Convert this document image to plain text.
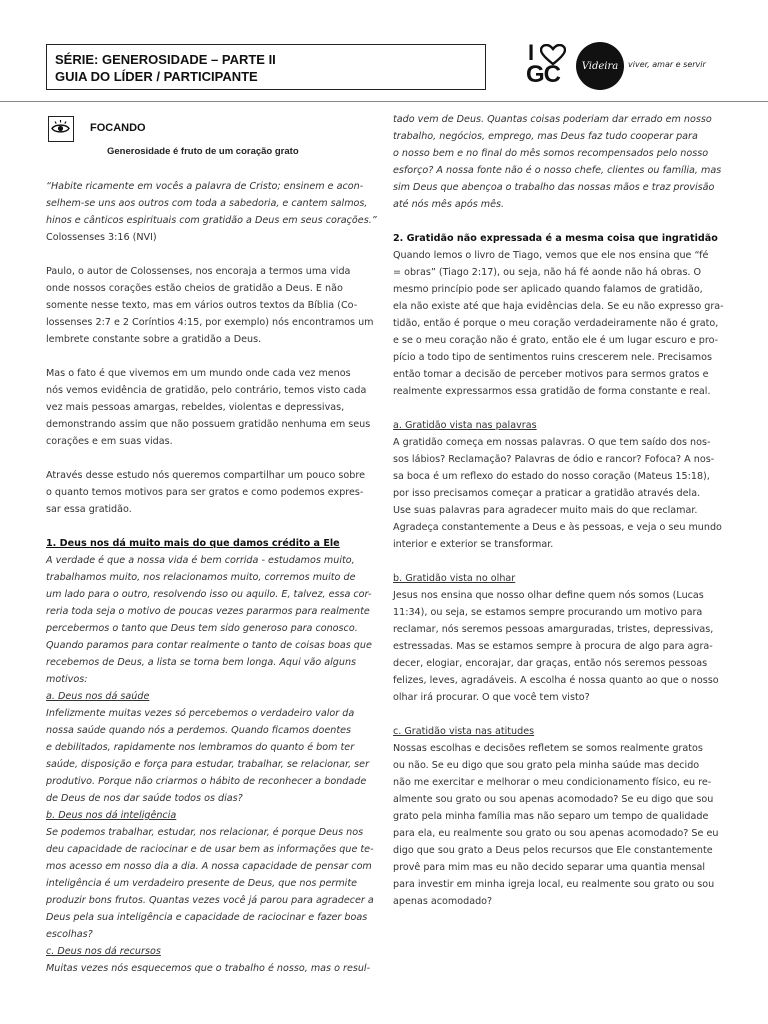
SÉRIE: GENEROSIDADE – PARTE II
GUIA DO LÍDER / PARTICIPANTE
I
GC Videira viver, amar e servir
FOCANDO
Generosidade é fruto de um coração grato

“Habite ricamente em vocês a palavra de Cristo; ensinem e acon-

selhem-se uns aos outros com toda a sabedoria, e cantem salmos,

hinos e cânticos espirituais com gratidão a Deus em seus corações.”

Colossenses 3:16 (NVI)

Paulo, o autor de Colossenses, nos encoraja a termos uma vida

onde nossos corações estão cheios de gratidão a Deus. E não

somente nesse texto, mas em vários outros textos da Bíblia (Co-

lossenses 2:7 e 2 Coríntios 4:15, por exemplo) nós encontramos um

lembrete constante sobre a gratidão a Deus.

Mas o fato é que vivemos em um mundo onde cada vez menos

nós vemos evidência de gratidão, pelo contrário, temos visto cada

vez mais pessoas amargas, rebeldes, violentas e depressivas,

demonstrando assim que não possuem gratidão nenhuma em seus

corações e em suas vidas.

Através desse estudo nós queremos compartilhar um pouco sobre

o quanto temos motivos para ser gratos e como podemos expres-

sar essa gratidão.

1. Deus nos dá muito mais do que damos crédito a Ele

A verdade é que a nossa vida é bem corrida - estudamos muito,

trabalhamos muito, nos relacionamos muito, corremos muito de

um lado para o outro, resolvendo isso ou aquilo. E, talvez, essa cor-

reria toda seja o motivo de poucas vezes pararmos para realmente

percebermos o tanto que Deus tem sido generoso para conosco.

Quando paramos para contar realmente o tanto de coisas boas que

recebemos de Deus, a lista se torna bem longa. Aqui vão alguns

motivos:

a. Deus nos dá saúde

Infelizmente muitas vezes só percebemos o verdadeiro valor da

nossa saúde quando nós a perdemos. Quando ficamos doentes

e debilitados, rapidamente nos lembramos do quanto é bom ter

saúde, disposição e força para estudar, trabalhar, se relacionar, ser

produtivo. Porque não criarmos o hábito de reconhecer a bondade

de Deus de nos dar saúde todos os dias?

b. Deus nos dá inteligência

Se podemos trabalhar, estudar, nos relacionar, é porque Deus nos

deu capacidade de raciocinar e de usar bem as informações que te-

mos acesso em nosso dia a dia. A nossa capacidade de pensar com

inteligência é um verdadeiro presente de Deus, que nos permite

produzir bons frutos. Quantas vezes você já parou para agradecer a

Deus pela sua inteligência e capacidade de raciocinar e fazer boas

escolhas?

c. Deus nos dá recursos

Muitas vezes nós esquecemos que o trabalho é nosso, mas o resul-

tado vem de Deus. Quantas coisas poderiam dar errado em nosso

trabalho, negócios, emprego, mas Deus faz tudo cooperar para

o nosso bem e no final do mês somos recompensados pelo nosso

esforço? A nossa fonte não é o nosso chefe, clientes ou família, mas

sim Deus que abençoa o trabalho das nossas mãos e traz provisão

até nós mês após mês.

2. Gratidão não expressada é a mesma coisa que ingratidão

Quando lemos o livro de Tiago, vemos que ele nos ensina que “fé

= obras” (Tiago 2:17), ou seja, não há fé aonde não há obras. O

mesmo princípio pode ser aplicado quando falamos de gratidão,

ela não existe até que haja evidências dela. Se eu não expresso gra-

tidão, então é porque o meu coração verdadeiramente não é grato,

e se o meu coração não é grato, então ele é um lugar escuro e pro-

pício a todo tipo de sentimentos ruins crescerem nele. Precisamos

então tomar a decisão de perceber motivos para sermos gratos e

realmente expressarmos essa gratidão de forma constante e real.

a. Gratidão vista nas palavras

A gratidão começa em nossas palavras. O que tem saído dos nos-

sos lábios? Reclamação? Palavras de ódio e rancor? Fofoca? A nos-

sa boca é um reflexo do estado do nosso coração (Mateus 15:18),

por isso precisamos começar a praticar a gratidão através dela.

Use suas palavras para agradecer muito mais do que reclamar.

Agradeça constantemente a Deus e às pessoas, e veja o seu mundo

interior e exterior se transformar.

b. Gratidão vista no olhar

Jesus nos ensina que nosso olhar define quem nós somos (Lucas

11:34), ou seja, se estamos sempre procurando um motivo para

reclamar, nós seremos pessoas amarguradas, tristes, depressivas,

estressadas. Mas se estamos sempre à procura de algo para agra-

decer, elogiar, encorajar, dar graças, então nós seremos pessoas

felizes, leves, agradáveis. A escolha é nossa quanto ao que o nosso

olhar irá procurar. O que você tem visto?

c. Gratidão vista nas atitudes

Nossas escolhas e decisões refletem se somos realmente gratos

ou não. Se eu digo que sou grato pela minha saúde mas decido

não me exercitar e melhorar o meu condicionamento físico, eu re-

almente sou grato ou sou apenas acomodado? Se eu digo que sou

grato pela minha família mas não separo um tempo de qualidade

para ela, eu realmente sou grato ou sou apenas acomodado? Se eu

digo que sou grato a Deus pelos recursos que Ele constantemente

provê para mim mas eu não decido separar uma quantia mensal

para investir em minha igreja local, eu realmente sou grato ou sou

apenas acomodado?
